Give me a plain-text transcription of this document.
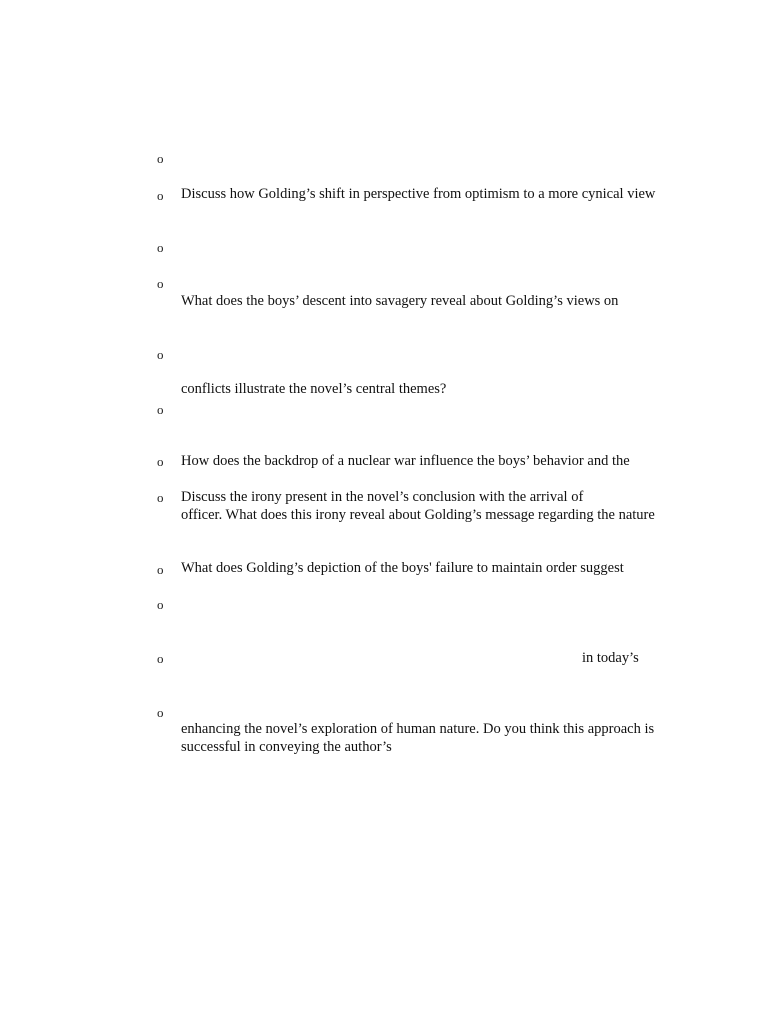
o
o
o
o
o
o
o
o
o
o
o
o
Discuss how Golding’s shift in perspective from optimism to a more cynical view
What does the boys’ descent into savagery reveal about Golding’s views on
conflicts illustrate the novel’s central themes?
How does the backdrop of a nuclear war influence the boys’ behavior and the
Discuss the irony present in the novel’s conclusion with the arrival of
officer. What does this irony reveal about Golding’s message regarding the nature
What does Golding’s depiction of the boys' failure to maintain order suggest
in today’s
enhancing the novel’s exploration of human nature. Do you think this approach is
successful in conveying the author’s
